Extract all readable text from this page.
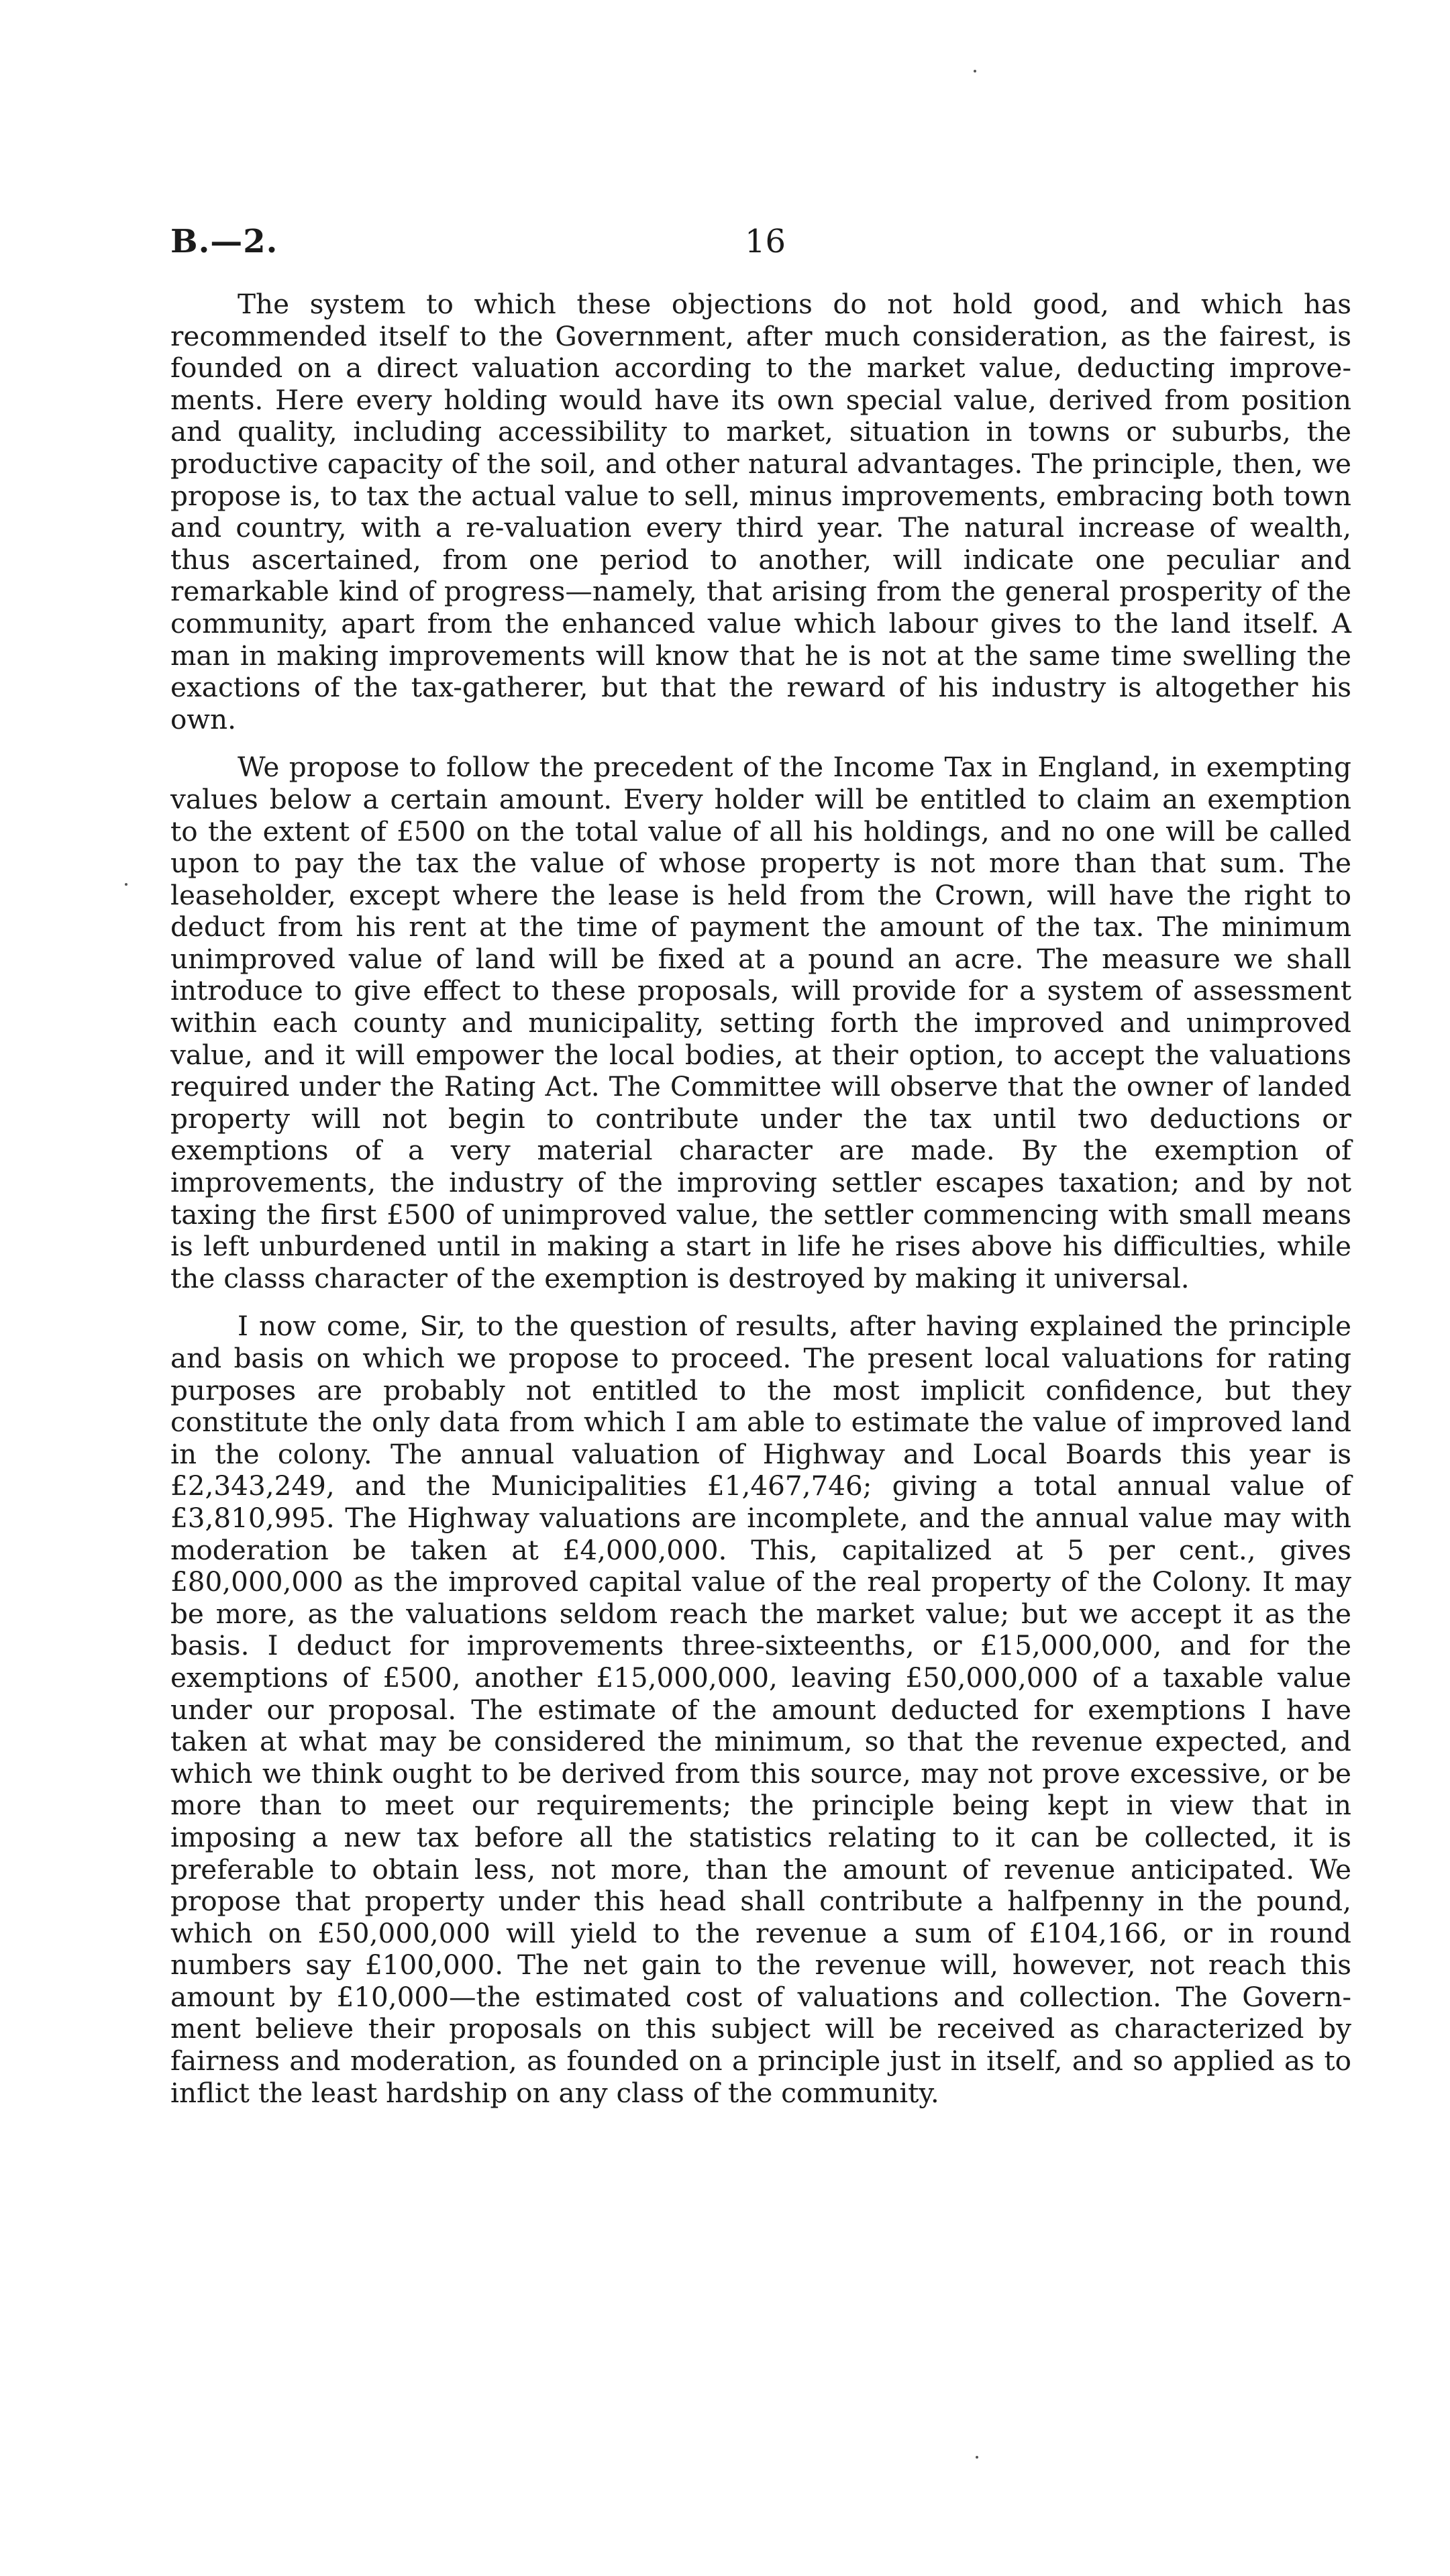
B.—2.	16

The system to which these objections do not hold good, and which has recommended itself to the Government, after much consideration, as the fairest, is founded on a direct valuation according to the market value, deducting improvements. Here every holding would have its own special value, derived from position and quality, including accessibility to market, situation in towns or suburbs, the productive capacity of the soil, and other natural advantages. The principle, then, we propose is, to tax the actual value to sell, minus improvements, embracing both town and country, with a re-valuation every third year. The natural increase of wealth, thus ascertained, from one period to another, will indicate one peculiar and remarkable kind of progress—namely, that arising from the general prosperity of the community, apart from the enhanced value which labour gives to the land itself. A man in making improvements will know that he is not at the same time swelling the exactions of the tax-gatherer, but that the reward of his industry is altogether his own.

We propose to follow the precedent of the Income Tax in England, in exempting values below a certain amount. Every holder will be entitled to claim an exemption to the extent of £500 on the total value of all his holdings, and no one will be called upon to pay the tax the value of whose property is not more than that sum. The leaseholder, except where the lease is held from the Crown, will have the right to deduct from his rent at the time of payment the amount of the tax. The minimum unimproved value of land will be fixed at a pound an acre. The measure we shall introduce to give effect to these proposals, will provide for a system of assessment within each county and municipality, setting forth the improved and unimproved value, and it will empower the local bodies, at their option, to accept the valuations required under the Rating Act. The Committee will observe that the owner of landed property will not begin to contribute under the tax until two deductions or exemptions of a very material character are made. By the exemption of improvements, the industry of the improving settler escapes taxation; and by not taxing the first £500 of unimproved value, the settler commencing with small means is left unburdened until in making a start in life he rises above his difficulties, while the classs character of the exemption is destroyed by making it universal.

I now come, Sir, to the question of results, after having explained the principle and basis on which we propose to proceed. The present local valuations for rating purposes are probably not entitled to the most implicit confidence, but they constitute the only data from which I am able to estimate the value of improved land in the colony. The annual valuation of Highway and Local Boards this year is £2,343,249, and the Municipalities £1,467,746; giving a total annual value of £3,810,995. The Highway valuations are incomplete, and the annual value may with moderation be taken at £4,000,000. This, capitalized at 5 per cent., gives £80,000,000 as the improved capital value of the real property of the Colony. It may be more, as the valuations seldom reach the market value; but we accept it as the basis. I deduct for improvements three-sixteenths, or £15,000,000, and for the exemptions of £500, another £15,000,000, leaving £50,000,000 of a taxable value under our proposal. The estimate of the amount deducted for exemptions I have taken at what may be considered the minimum, so that the revenue expected, and which we think ought to be derived from this source, may not prove excessive, or be more than to meet our requirements; the principle being kept in view that in imposing a new tax before all the statistics relating to it can be collected, it is preferable to obtain less, not more, than the amount of revenue anticipated. We propose that property under this head shall contribute a halfpenny in the pound, which on £50,000,000 will yield to the revenue a sum of £104,166, or in round numbers say £100,000. The net gain to the revenue will, however, not reach this amount by £10,000—the estimated cost of valuations and collection. The Government believe their proposals on this subject will be received as characterized by fairness and moderation, as founded on a principle just in itself, and so applied as to inflict the least hardship on any class of the community.
